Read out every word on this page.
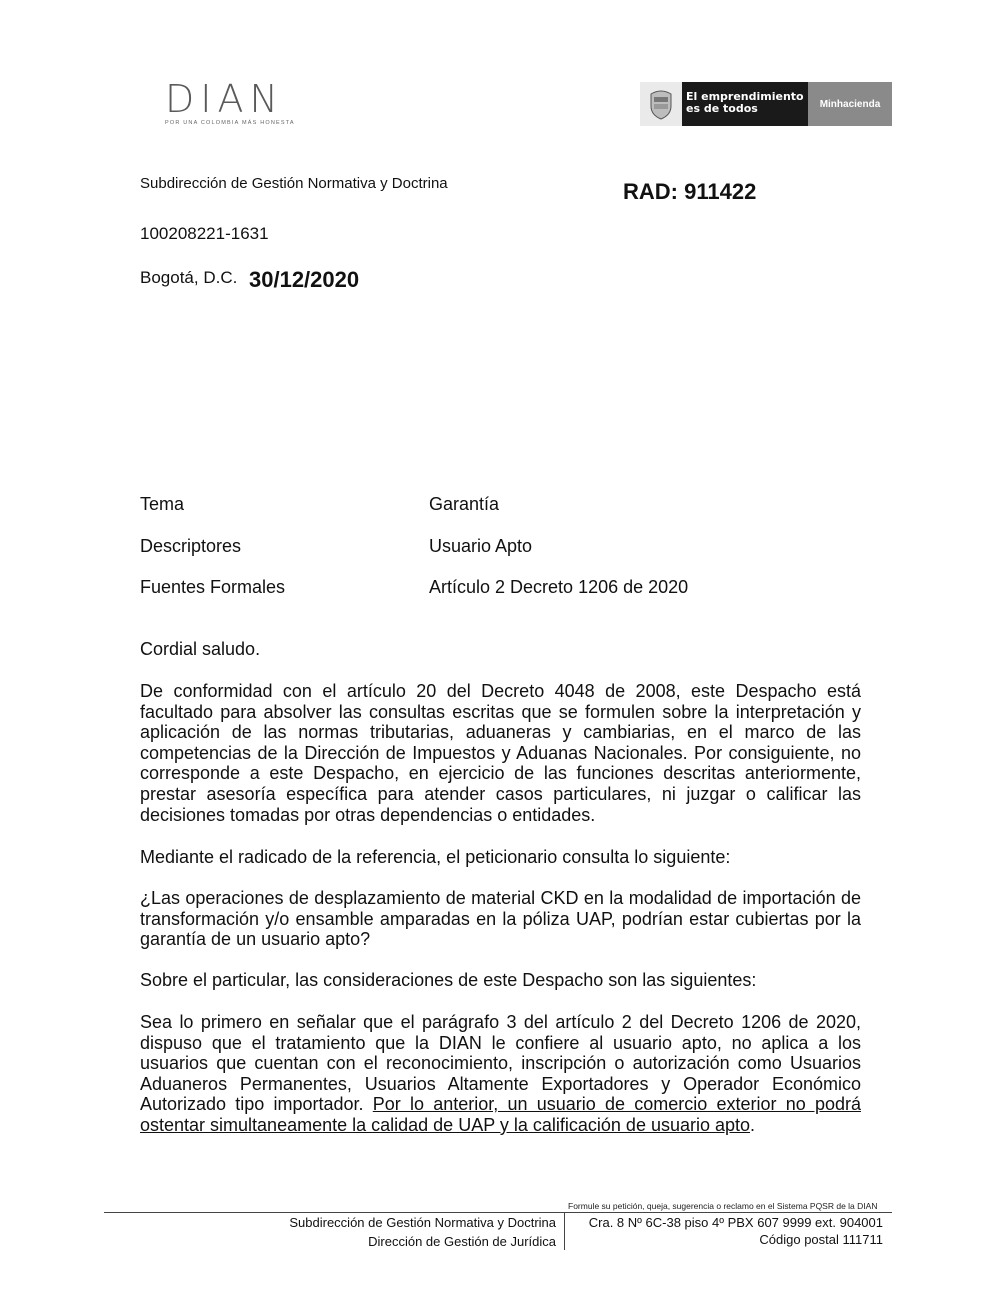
DIAN
POR UNA COLOMBIA MÁS HONESTA
El emprendimiento
es de todos	Minhacienda
Subdirección de Gestión Normativa y Doctrina	RAD: 911422
100208221-1631
Bogotá, D.C. 30/12/2020
Tema	Garantía
Descriptores	Usuario Apto
Fuentes Formales	Artículo 2 Decreto 1206 de 2020
Cordial saludo.
De conformidad con el artículo 20 del Decreto 4048 de 2008, este Despacho está facultado para absolver las consultas escritas que se formulen sobre la interpretación y aplicación de las normas tributarias, aduaneras y cambiarias, en el marco de las competencias de la Dirección de Impuestos y Aduanas Nacionales. Por consiguiente, no corresponde a este Despacho, en ejercicio de las funciones descritas anteriormente, prestar asesoría específica para atender casos particulares, ni juzgar o calificar las decisiones tomadas por otras dependencias o entidades.
Mediante el radicado de la referencia, el peticionario consulta lo siguiente:
¿Las operaciones de desplazamiento de material CKD en la modalidad de importación de transformación y/o ensamble amparadas en la póliza UAP, podrían estar cubiertas por la garantía de un usuario apto?
Sobre el particular, las consideraciones de este Despacho son las siguientes:
Sea lo primero en señalar que el parágrafo 3 del artículo 2 del Decreto 1206 de 2020, dispuso que el tratamiento que la DIAN le confiere al usuario apto, no aplica a los usuarios que cuentan con el reconocimiento, inscripción o autorización como Usuarios Aduaneros Permanentes, Usuarios Altamente Exportadores y Operador Económico Autorizado tipo importador. Por lo anterior, un usuario de comercio exterior no podrá ostentar simultaneamente la calidad de UAP y la calificación de usuario apto.
Formule su petición, queja, sugerencia o reclamo en el Sistema PQSR de la DIAN
Subdirección de Gestión Normativa y Doctrina
Dirección de Gestión de Jurídica
Cra. 8 Nº 6C-38 piso 4º PBX 607 9999 ext. 904001
Código postal 111711
